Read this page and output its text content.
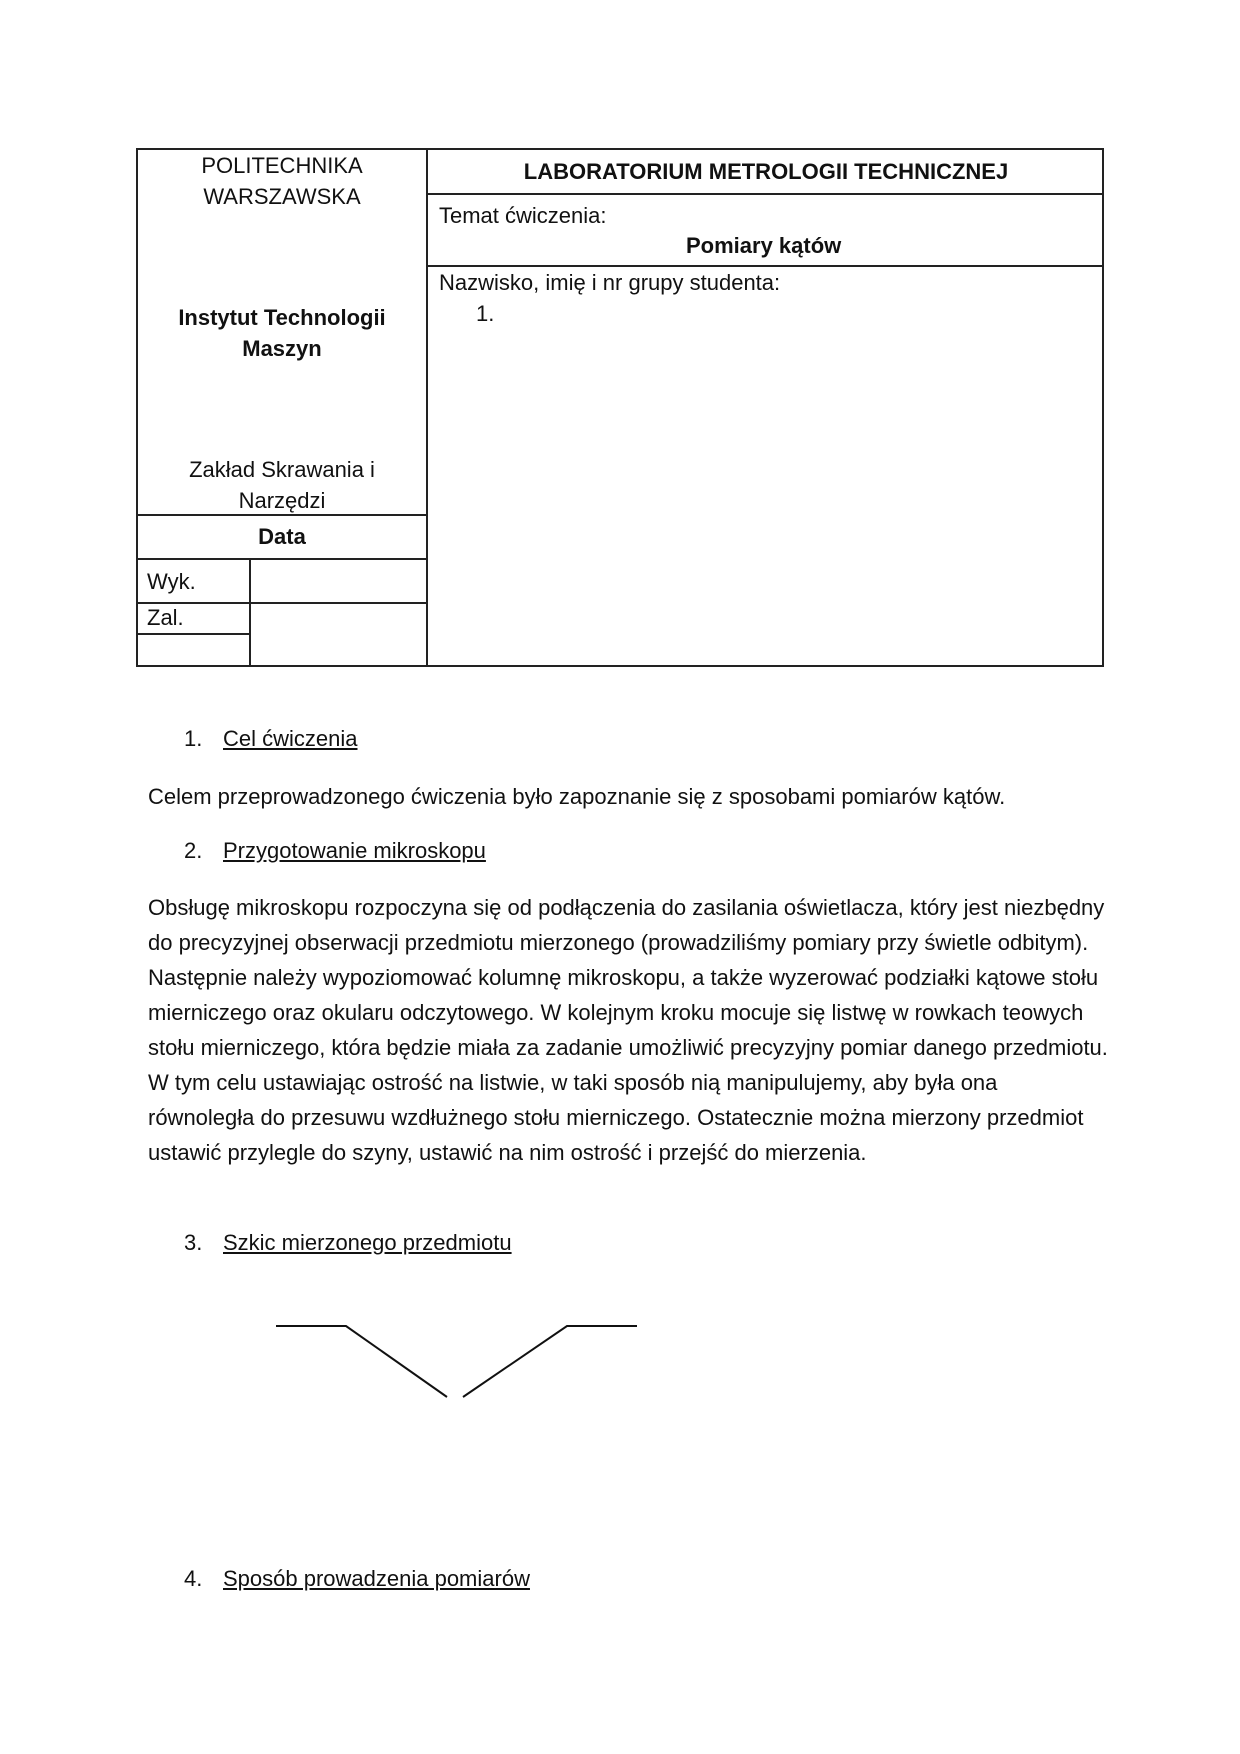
POLITECHNIKA WARSZAWSKA
Instytut Technologii Maszyn
Zakład Skrawania i Narzędzi
Data
Wyk.
Zal.
LABORATORIUM METROLOGII TECHNICZNEJ
Temat ćwiczenia:
Pomiary kątów
Nazwisko, imię i nr grupy studenta:
1.
1. Cel ćwiczenia
Celem przeprowadzonego ćwiczenia było zapoznanie się z sposobami pomiarów kątów.
2. Przygotowanie mikroskopu
Obsługę mikroskopu rozpoczyna się od podłączenia do zasilania oświetlacza, który jest niezbędny do precyzyjnej obserwacji przedmiotu mierzonego (prowadziliśmy pomiary przy świetle odbitym). Następnie należy wypoziomować kolumnę mikroskopu, a także wyzerować podziałki kątowe stołu mierniczego oraz okularu odczytowego. W kolejnym kroku mocuje się listwę w rowkach teowych stołu mierniczego, która będzie miała za zadanie umożliwić precyzyjny pomiar danego przedmiotu. W tym celu ustawiając ostrość na listwie, w taki sposób nią manipulujemy, aby była ona równoległa do przesuwu wzdłużnego stołu mierniczego. Ostatecznie można mierzony przedmiot ustawić przylegle do szyny, ustawić na nim ostrość i przejść do mierzenia.
3. Szkic mierzonego przedmiotu
4. Sposób prowadzenia pomiarów
